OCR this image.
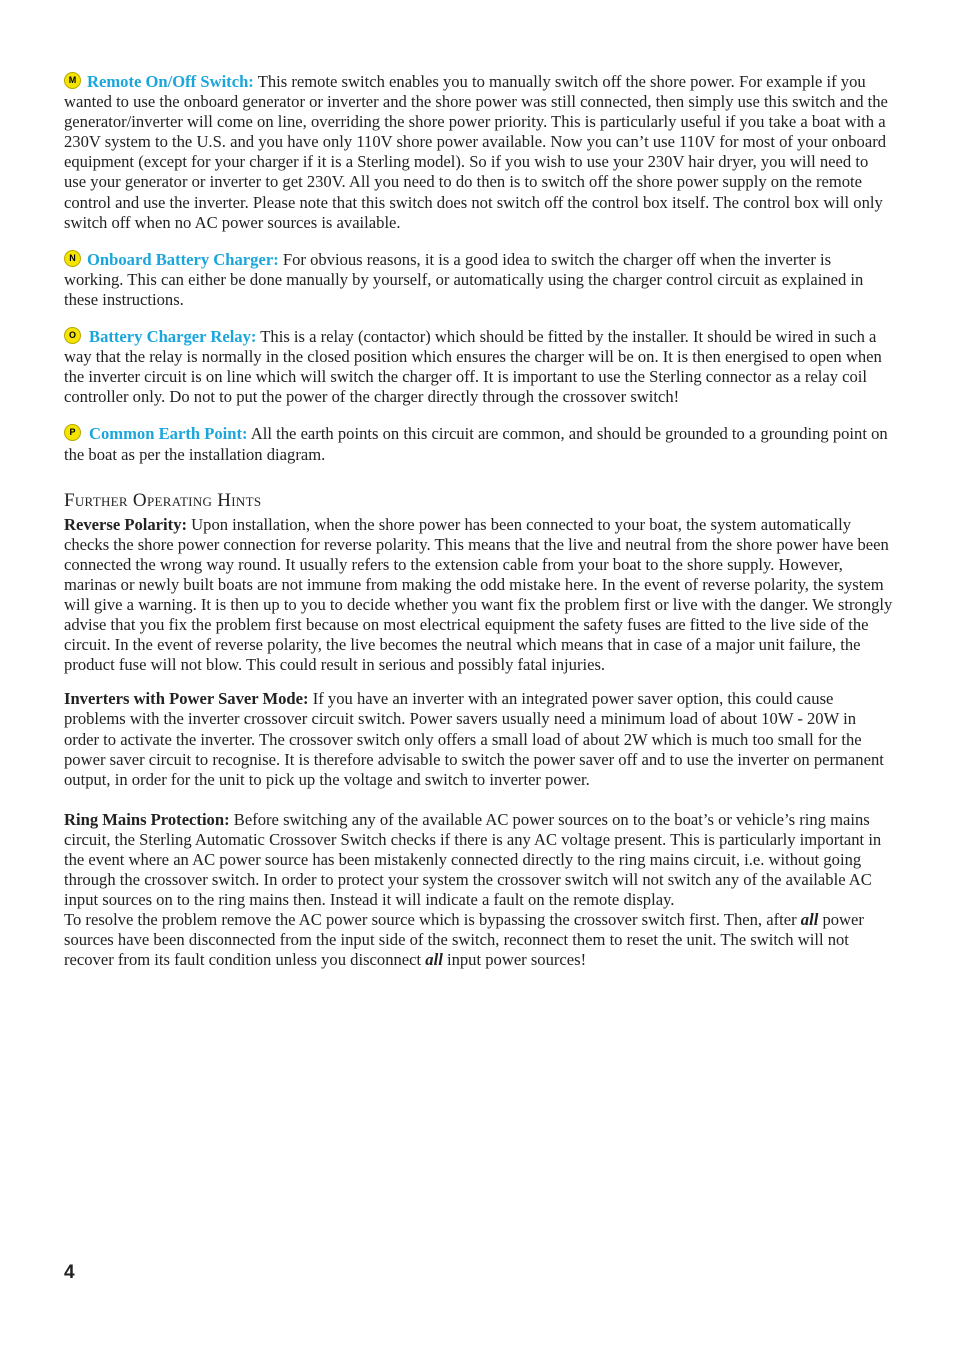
M Remote On/Off Switch: This remote switch enables you to manually switch off the shore power. For example if you wanted to use the onboard generator or inverter and the shore power was still connected, then simply use this switch and the generator/inverter will come on line, overriding the shore power priority. This is particularly useful if you take a boat with a 230V system to the U.S. and you have only 110V shore power available. Now you can’t use 110V for most of your onboard equipment (except for your charger if it is a Sterling model). So if you wish to use your 230V hair dryer, you will need to use your generator or inverter to get 230V. All you need to do then is to switch off the shore power supply on the remote control and use the inverter. Please note that this switch does not switch off the control box itself. The control box will only switch off when no AC power sources is available.

N Onboard Battery Charger: For obvious reasons, it is a good idea to switch the charger off when the inverter is working. This can either be done manually by yourself, or automatically using the charger control circuit as explained in these instructions.

O Battery Charger Relay: This is a relay (contactor) which should be fitted by the installer. It should be wired in such a way that the relay is normally in the closed position which ensures the charger will be on. It is then energised to open when the inverter circuit is on line which will switch the charger off. It is important to use the Sterling connector as a relay coil controller only. Do not to put the power of the charger directly through the crossover switch!

P Common Earth Point: All the earth points on this circuit are common, and should be grounded to a grounding point on the boat as per the installation diagram.

Further Operating Hints

Reverse Polarity: Upon installation, when the shore power has been connected to your boat, the system automatically checks the shore power connection for reverse polarity. This means that the live and neutral from the shore power have been connected the wrong way round. It usually refers to the extension cable from your boat to the shore supply. However, marinas or newly built boats are not immune from making the odd mistake here. In the event of reverse polarity, the system will give a warning. It is then up to you to decide whether you want fix the problem first or live with the danger. We strongly advise that you fix the problem first because on most electrical equipment the safety fuses are fitted to the live side of the circuit. In the event of reverse polarity, the live becomes the neutral which means that in case of a major unit failure, the product fuse will not blow. This could result in serious and possibly fatal injuries.

Inverters with Power Saver Mode: If you have an inverter with an integrated power saver option, this could cause problems with the inverter crossover circuit switch. Power savers usually need a minimum load of about 10W - 20W in order to activate the inverter. The crossover switch only offers a small load of about 2W which is much too small for the power saver circuit to recognise. It is therefore advisable to switch the power saver off and to use the inverter on permanent output, in order for the unit to pick up the voltage and switch to inverter power.

Ring Mains Protection: Before switching any of the available AC power sources on to the boat’s or vehicle’s ring mains circuit, the Sterling Automatic Crossover Switch checks if there is any AC voltage present. This is particularly important in the event where an AC power source has been mistakenly connected directly to the ring mains circuit, i.e. without going through the crossover switch. In order to protect your system the crossover switch will not switch any of the available AC input sources on to the ring mains then. Instead it will indicate a fault on the remote display.

To resolve the problem remove the AC power source which is bypassing the crossover switch first. Then, after all power sources have been disconnected from the input side of the switch, reconnect them to reset the unit. The switch will not recover from its fault condition unless you disconnect all input power sources!

4
